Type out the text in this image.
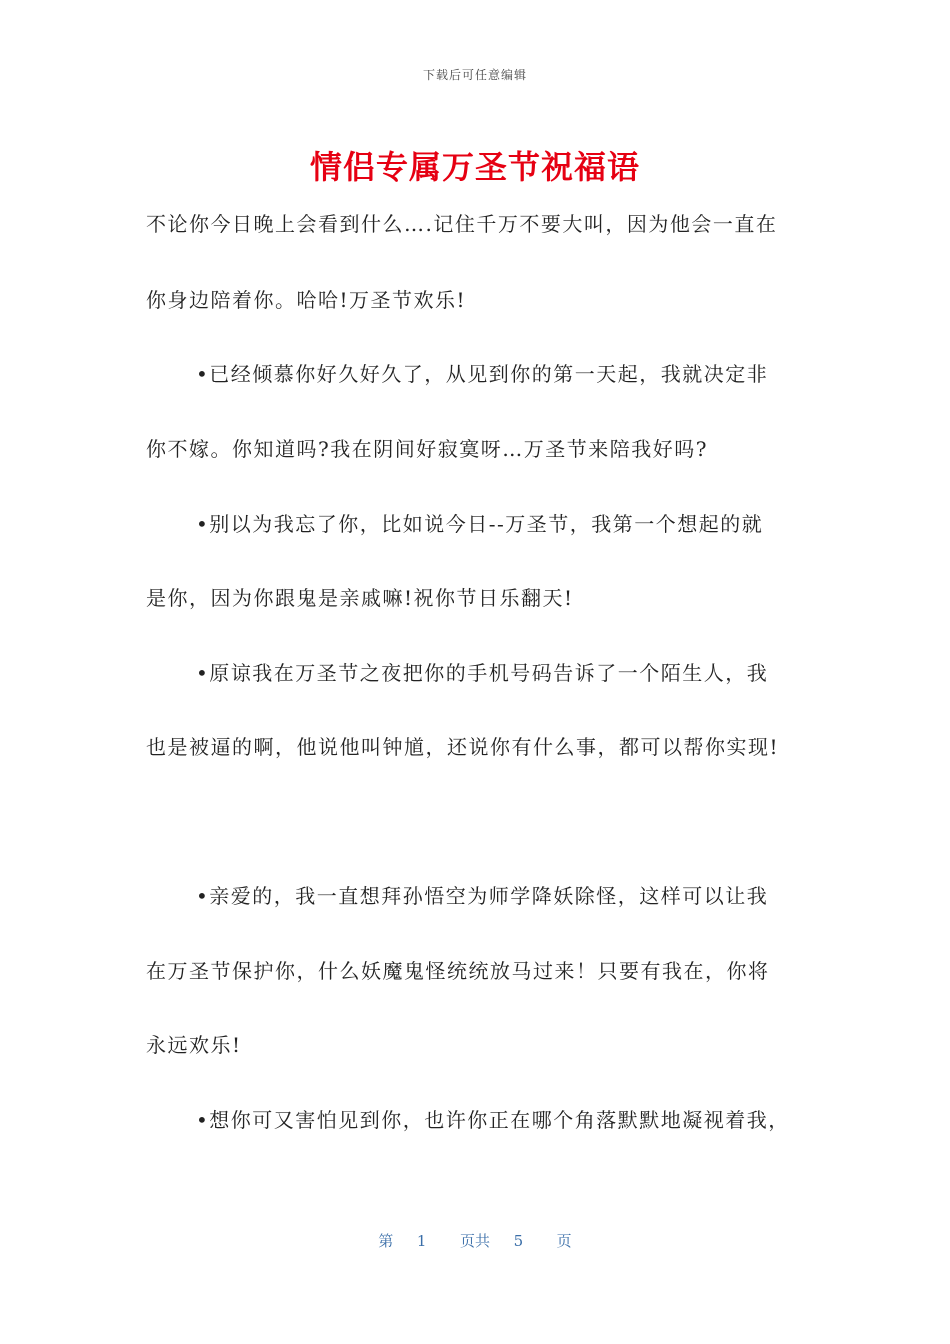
下载后可任意编辑
情侣专属万圣节祝福语
不论你今日晚上会看到什么….记住千万不要大叫，因为他会一直在
你身边陪着你。哈哈!万圣节欢乐!
•已经倾慕你好久好久了，从见到你的第一天起，我就决定非
你不嫁。你知道吗?我在阴间好寂寞呀…万圣节来陪我好吗?
•别以为我忘了你，比如说今日--万圣节，我第一个想起的就
是你，因为你跟鬼是亲戚嘛!祝你节日乐翻天!
•原谅我在万圣节之夜把你的手机号码告诉了一个陌生人，我
也是被逼的啊，他说他叫钟馗，还说你有什么事，都可以帮你实现!
•亲爱的，我一直想拜孙悟空为师学降妖除怪，这样可以让我
在万圣节保护你，什么妖魔鬼怪统统放马过来！只要有我在，你将
永远欢乐!
•想你可又害怕见到你，也许你正在哪个角落默默地凝视着我，
第 1 页共 5 页
